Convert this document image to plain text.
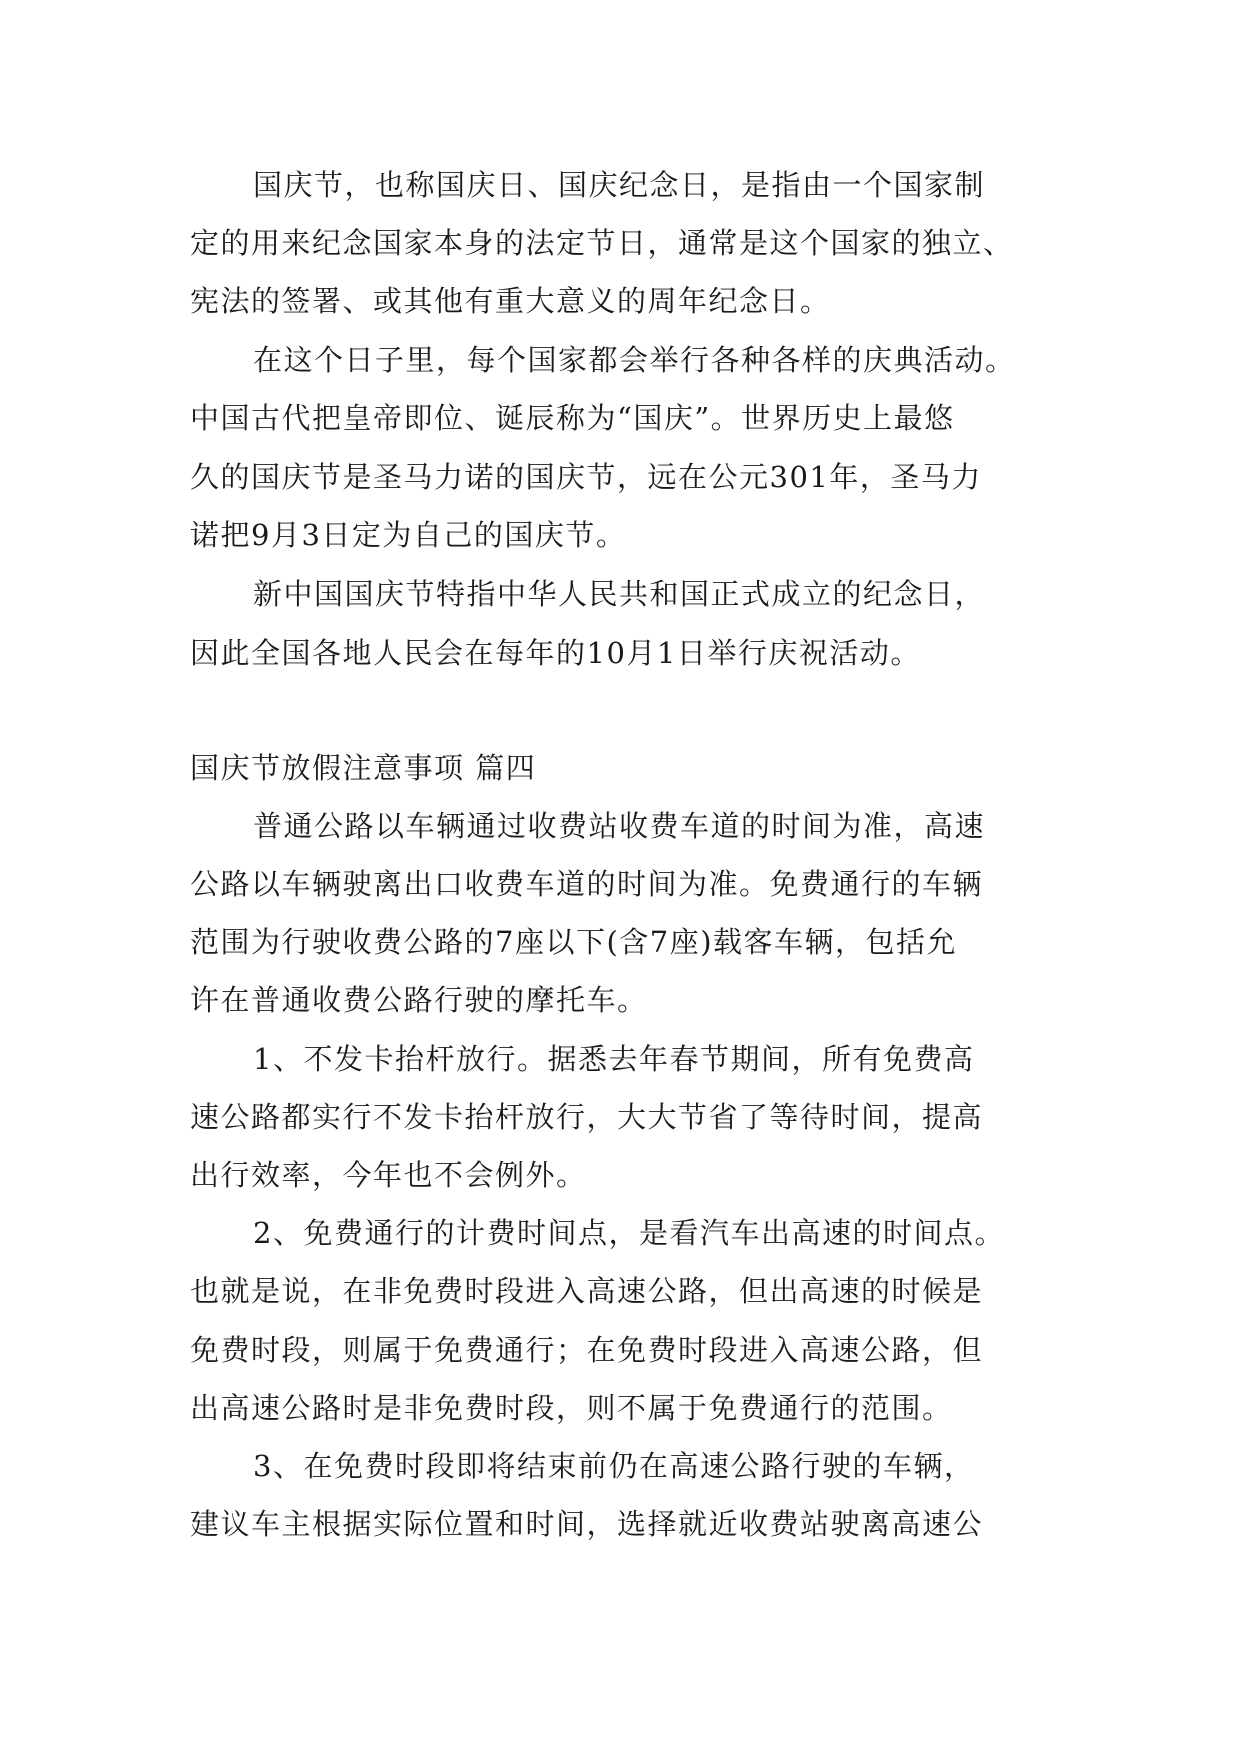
国庆节，也称国庆日、国庆纪念日，是指由一个国家制
定的用来纪念国家本身的法定节日，通常是这个国家的独立、
宪法的签署、或其他有重大意义的周年纪念日。
在这个日子里，每个国家都会举行各种各样的庆典活动。
中国古代把皇帝即位、诞辰称为“国庆”。世界历史上最悠
久的国庆节是圣马力诺的国庆节，远在公元301年，圣马力
诺把9月3日定为自己的国庆节。
新中国国庆节特指中华人民共和国正式成立的纪念日，
因此全国各地人民会在每年的10月1日举行庆祝活动。
国庆节放假注意事项 篇四
普通公路以车辆通过收费站收费车道的时间为准，高速
公路以车辆驶离出口收费车道的时间为准。免费通行的车辆
范围为行驶收费公路的7座以下(含7座)载客车辆，包括允
许在普通收费公路行驶的摩托车。
1、不发卡抬杆放行。据悉去年春节期间，所有免费高
速公路都实行不发卡抬杆放行，大大节省了等待时间，提高
出行效率，今年也不会例外。
2、免费通行的计费时间点，是看汽车出高速的时间点。
也就是说，在非免费时段进入高速公路，但出高速的时候是
免费时段，则属于免费通行；在免费时段进入高速公路，但
出高速公路时是非免费时段，则不属于免费通行的范围。
3、在免费时段即将结束前仍在高速公路行驶的车辆，
建议车主根据实际位置和时间，选择就近收费站驶离高速公
